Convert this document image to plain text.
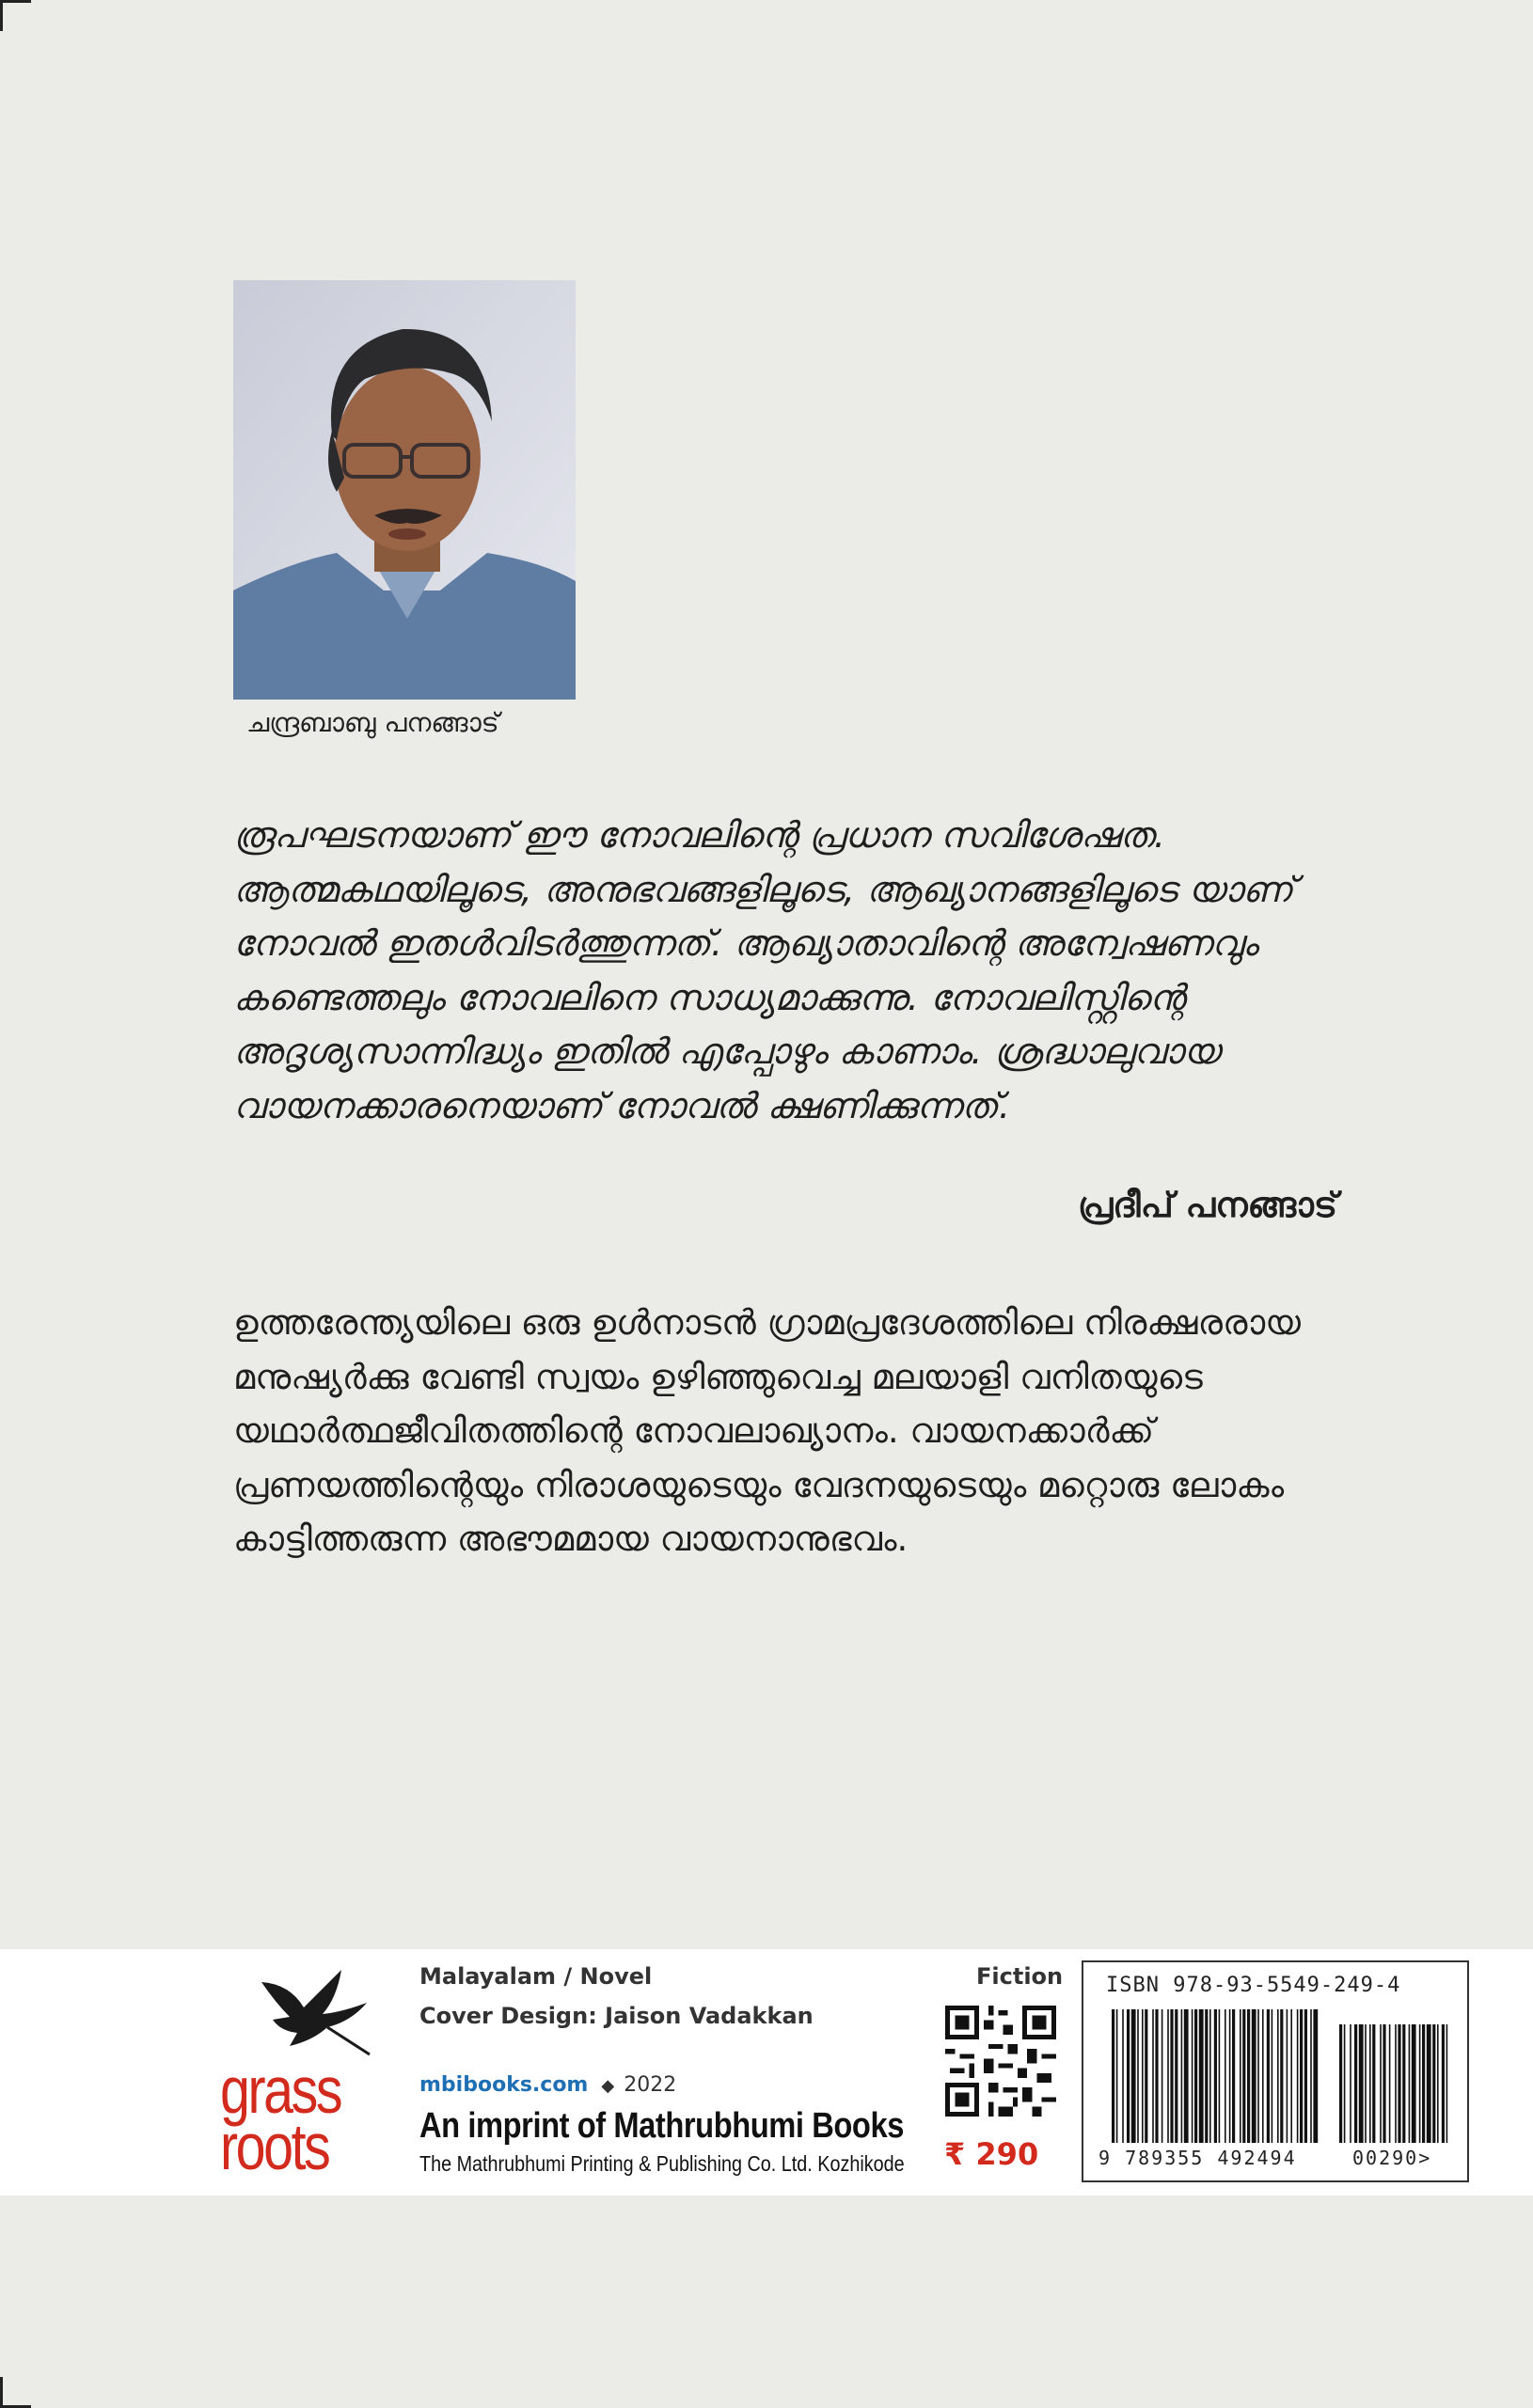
ചന്ദ്രബാബു പനങ്ങാട്

രൂപഘടനയാണ് ഈ നോവലിന്റെ പ്രധാന സവിശേഷത. ആത്മകഥയിലൂടെ, അനുഭവങ്ങളിലൂടെ, ആഖ്യാനങ്ങളിലൂടെ യാണ് നോവൽ ഇതൾവിടർത്തുന്നത്. ആഖ്യാതാവിന്റെ അന്വേഷണവും കണ്ടെത്തലും നോവലിനെ സാധ്യമാക്കുന്നു. നോവലിസ്റ്റിന്റെ അദൃശ്യസാന്നിദ്ധ്യം ഇതിൽ എപ്പോഴും കാണാം. ശ്രദ്ധാലുവായ വായനക്കാരനെയാണ് നോവൽ ക്ഷണിക്കുന്നത്.

പ്രദീപ് പനങ്ങാട്

ഉത്തരേന്ത്യയിലെ ഒരു ഉൾനാടൻ ഗ്രാമപ്രദേശത്തിലെ നിരക്ഷരരായ മനുഷ്യർക്കു വേണ്ടി സ്വയം ഉഴിഞ്ഞുവെച്ച മലയാളി വനിതയുടെ യഥാർത്ഥജീവിതത്തിന്റെ നോവലാഖ്യാനം. വായനക്കാർക്ക് പ്രണയത്തിന്റെയും നിരാശയുടെയും വേദനയുടെയും മറ്റൊരു ലോകം കാട്ടിത്തരുന്ന അഭൗമമായ വായനാനുഭവം.

grass
roots
Malayalam / Novel
Cover Design: Jaison Vadakkan
mbibooks.com ◆ 2022
An imprint of Mathrubhumi Books
The Mathrubhumi Printing & Publishing Co. Ltd. Kozhikode
Fiction
₹ 290
ISBN 978-93-5549-249-4
9 789355 492494	00290>
